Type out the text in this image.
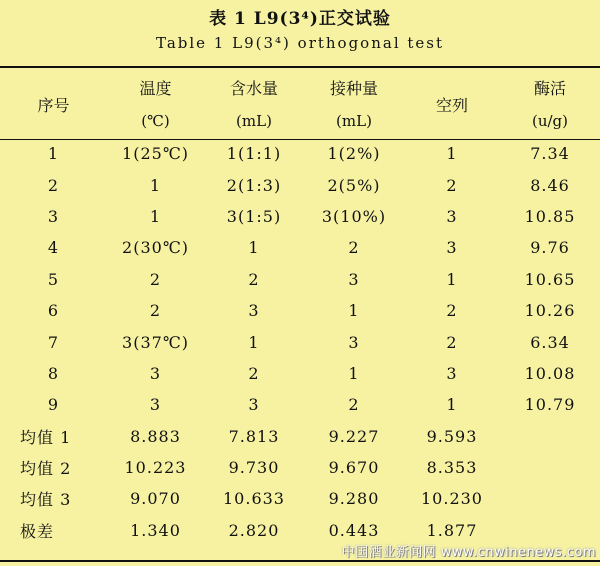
表 1 L9(3⁴)正交试验
Table 1 L9(3⁴) orthogonal test
序号	温度	含水量	接种量	空列	酶活
	(℃)	(mL)	(mL)		(u/g)
1	1(25℃)	1(1:1)	1(2%)	1	7.34
2	1	2(1:3)	2(5%)	2	8.46
3	1	3(1:5)	3(10%)	3	10.85
4	2(30℃)	1	2	3	9.76
5	2	2	3	1	10.65
6	2	3	1	2	10.26
7	3(37℃)	1	3	2	6.34
8	3	2	1	3	10.08
9	3	3	2	1	10.79
均值 1	8.883	7.813	9.227	9.593	
均值 2	10.223	9.730	9.670	8.353	
均值 3	9.070	10.633	9.280	10.230	
极差	1.340	2.820	0.443	1.877	
中国酒业新闻网 www.cnwinenews.com
